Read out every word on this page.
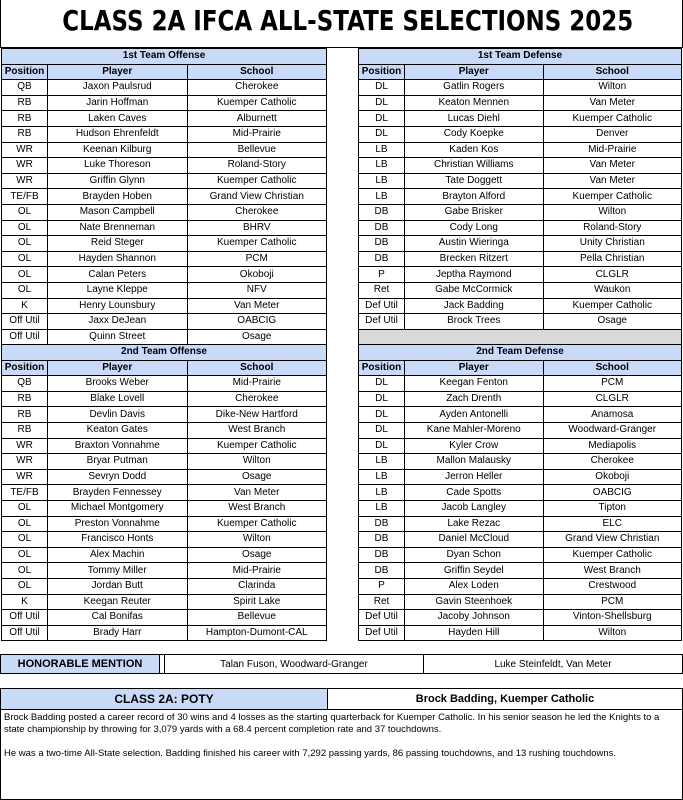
CLASS 2A IFCA ALL-STATE SELECTIONS 2025
1st Team Offense		
Position	Player	School
QB	Jaxon Paulsrud	Cherokee
RB	Jarin Hoffman	Kuemper Catholic
RB	Laken Caves	Alburnett
RB	Hudson Ehrenfeldt	Mid-Prairie
WR	Keenan Kilburg	Bellevue
WR	Luke Thoreson	Roland-Story
WR	Griffin Glynn	Kuemper Catholic
TE/FB	Brayden Hoben	Grand View Christian
OL	Mason Campbell	Cherokee
OL	Nate Brenneman	BHRV
OL	Reid Steger	Kuemper Catholic
OL	Hayden Shannon	PCM
OL	Calan Peters	Okoboji
OL	Layne Kleppe	NFV
K	Henry Lounsbury	Van Meter
Off Util	Jaxx DeJean	OABCIG
Off Util	Quinn Street	Osage
1st Team Defense		
Position	Player	School
DL	Gatlin Rogers	Wilton
DL	Keaton Mennen	Van Meter
DL	Lucas Diehl	Kuemper Catholic
DL	Cody Koepke	Denver
LB	Kaden Kos	Mid-Prairie
LB	Christian Williams	Van Meter
LB	Tate Doggett	Van Meter
LB	Brayton Alford	Kuemper Catholic
DB	Gabe Brisker	Wilton
DB	Cody Long	Roland-Story
DB	Austin Wieringa	Unity Christian
DB	Brecken Ritzert	Pella Christian
P	Jeptha Raymond	CLGLR
Ret	Gabe McCormick	Waukon
Def Util	Jack Badding	Kuemper Catholic
Def Util	Brock Trees	Osage

2nd Team Offense		
Position	Player	School
QB	Brooks Weber	Mid-Prairie
RB	Blake Lovell	Cherokee
RB	Devlin Davis	Dike-New Hartford
RB	Keaton Gates	West Branch
WR	Braxton Vonnahme	Kuemper Catholic
WR	Bryar Putman	Wilton
WR	Sevryn Dodd	Osage
TE/FB	Brayden Fennessey	Van Meter
OL	Michael Montgomery	West Branch
OL	Preston Vonnahme	Kuemper Catholic
OL	Francisco Honts	Wilton
OL	Alex Machin	Osage
OL	Tommy Miller	Mid-Prairie
OL	Jordan Butt	Clarinda
K	Keegan Reuter	Spirit Lake
Off Util	Cal Bonifas	Bellevue
Off Util	Brady Harr	Hampton-Dumont-CAL
2nd Team Defense		
Position	Player	School
DL	Keegan Fenton	PCM
DL	Zach Drenth	CLGLR
DL	Ayden Antonelli	Anamosa
DL	Kane Mahler-Moreno	Woodward-Granger
DL	Kyler Crow	Mediapolis
LB	Mallon Malausky	Cherokee
LB	Jerron Heller	Okoboji
LB	Cade Spotts	OABCIG
LB	Jacob Langley	Tipton
DB	Lake Rezac	ELC
DB	Daniel McCloud	Grand View Christian
DB	Dyan Schon	Kuemper Catholic
DB	Griffin Seydel	West Branch
P	Alex Loden	Crestwood
Ret	Gavin Steenhoek	PCM
Def Util	Jacoby Johnson	Vinton-Shellsburg
Def Util	Hayden Hill	Wilton
HONORABLE MENTION	Talan Fuson, Woodward-Granger	Luke Steinfeldt, Van Meter
CLASS 2A: POTY	Brock Badding, Kuemper Catholic

Brock Badding posted a career record of 30 wins and 4 losses as the starting quarterback for Kuemper Catholic. In his senior season he led the Knights to a state championship by throwing for 3,079 yards with a 68.4 percent completion rate and 37 touchdowns.

He was a two-time All-State selection. Badding finished his career with 7,292 passing yards, 86 passing touchdowns, and 13 rushing touchdowns.
